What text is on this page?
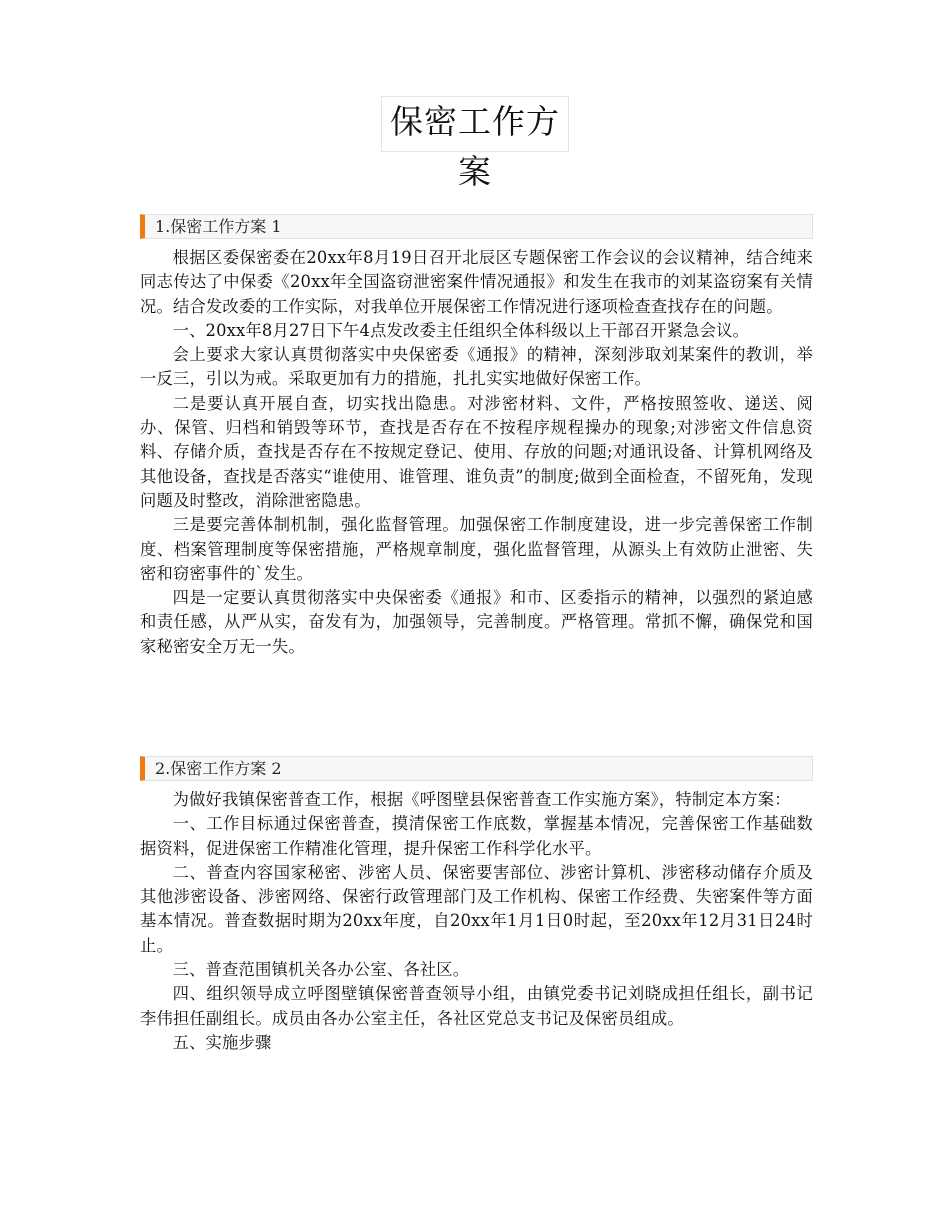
保密工作方案
1.保密工作方案 1

根据区委保密委在20xx年8月19日召开北辰区专题保密工作会议的会议精神，结合纯来同志传达了中保委《20xx年全国盗窃泄密案件情况通报》和发生在我市的刘某盗窃案有关情况。结合发改委的工作实际，对我单位开展保密工作情况进行逐项检查查找存在的问题。

一、20xx年8月27日下午4点发改委主任组织全体科级以上干部召开紧急会议。

会上要求大家认真贯彻落实中央保密委《通报》的精神，深刻涉取刘某案件的教训，举一反三，引以为戒。采取更加有力的措施，扎扎实实地做好保密工作。

二是要认真开展自查，切实找出隐患。对涉密材料、文件，严格按照签收、递送、阅办、保管、归档和销毁等环节，查找是否存在不按程序规程操办的现象;对涉密文件信息资料、存储介质，查找是否存在不按规定登记、使用、存放的问题;对通讯设备、计算机网络及其他设备，查找是否落实“谁使用、谁管理、谁负责”的制度;做到全面检查，不留死角，发现问题及时整改，消除泄密隐患。

三是要完善体制机制，强化监督管理。加强保密工作制度建设，进一步完善保密工作制度、档案管理制度等保密措施，严格规章制度，强化监督管理，从源头上有效防止泄密、失密和窃密事件的`发生。

四是一定要认真贯彻落实中央保密委《通报》和市、区委指示的精神，以强烈的紧迫感和责任感，从严从实，奋发有为，加强领导，完善制度。严格管理。常抓不懈，确保党和国家秘密安全万无一失。

2.保密工作方案 2

为做好我镇保密普查工作，根据《呼图壁县保密普查工作实施方案》，特制定本方案：

一、工作目标通过保密普查，摸清保密工作底数，掌握基本情况，完善保密工作基础数据资料，促进保密工作精准化管理，提升保密工作科学化水平。

二、普查内容国家秘密、涉密人员、保密要害部位、涉密计算机、涉密移动储存介质及其他涉密设备、涉密网络、保密行政管理部门及工作机构、保密工作经费、失密案件等方面基本情况。普查数据时期为20xx年度，自20xx年1月1日0时起，至20xx年12月31日24时止。

三、普查范围镇机关各办公室、各社区。

四、组织领导成立呼图壁镇保密普查领导小组，由镇党委书记刘晓成担任组长，副书记李伟担任副组长。成员由各办公室主任，各社区党总支书记及保密员组成。

五、实施步骤
